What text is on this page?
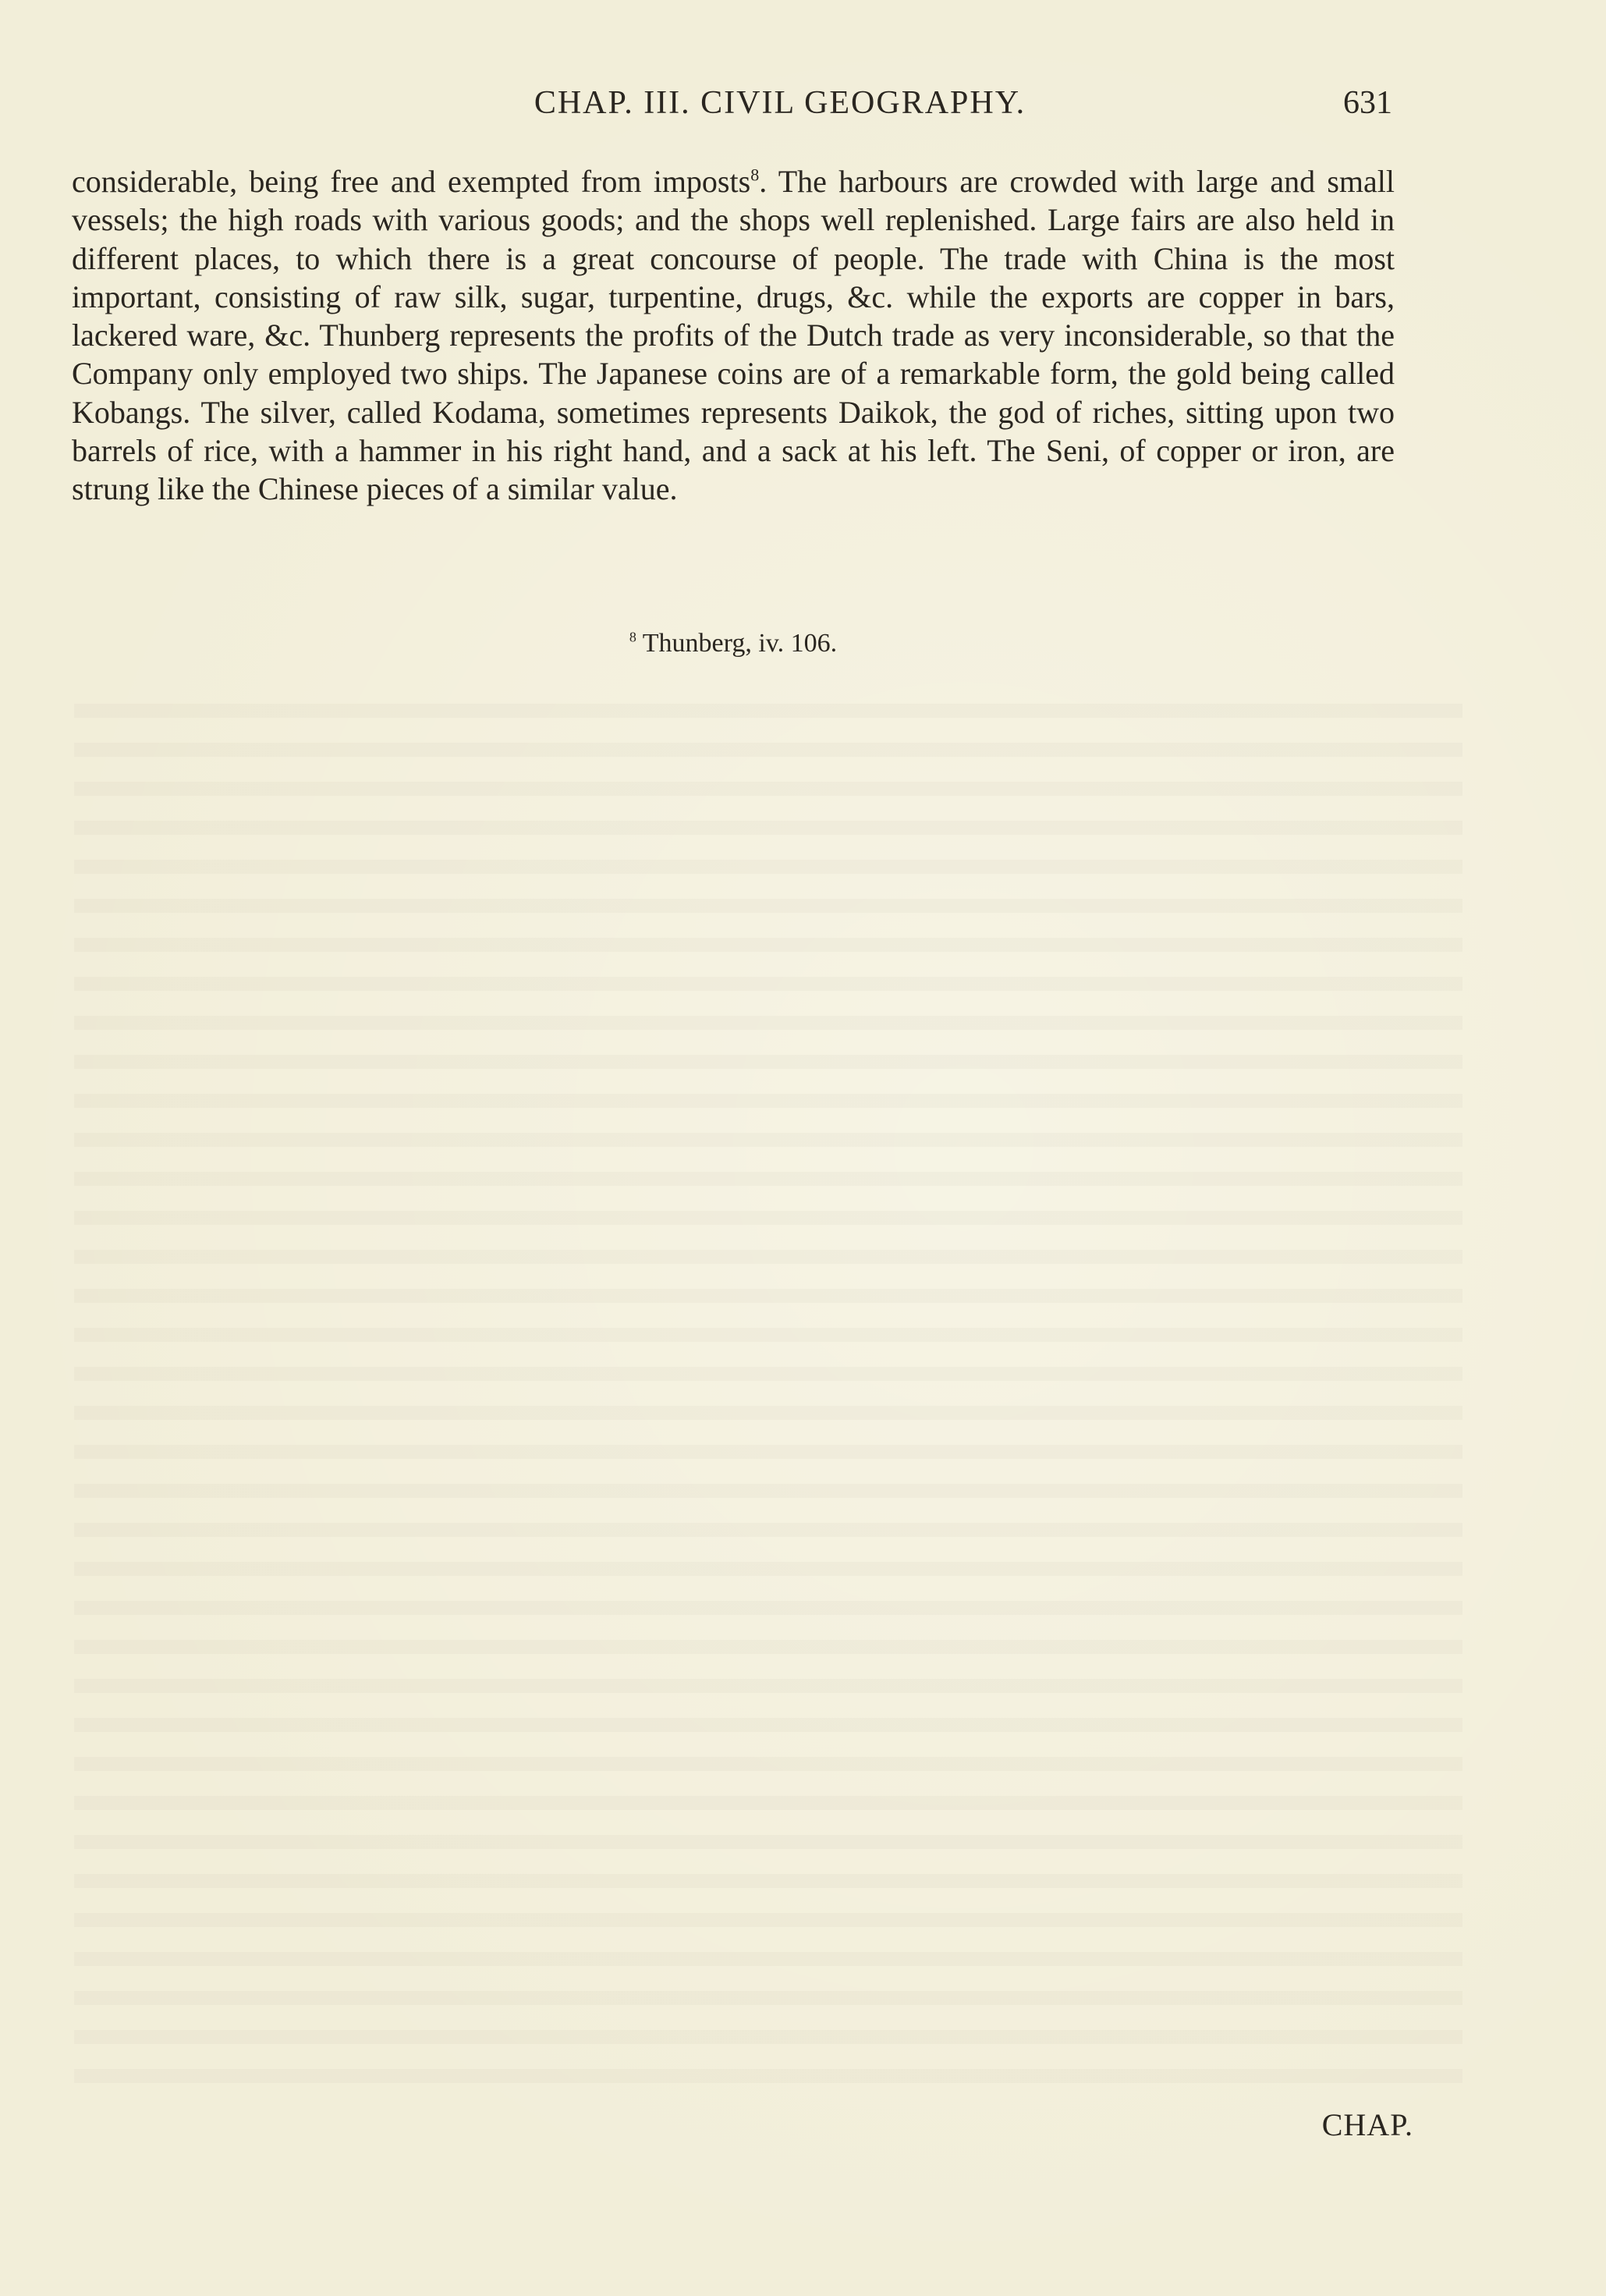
CHAP. III. CIVIL GEOGRAPHY.	631

considerable, being free and exempted from imposts$^8$. The harbours are crowded with large and small vessels; the high roads with various goods; and the shops well replenished. Large fairs are also held in different places, to which there is a great concourse of people. The trade with China is the most important, consisting of raw silk, sugar, turpentine, drugs, &c. while the exports are copper in bars, lackered ware, &c. Thunberg represents the profits of the Dutch trade as very inconsiderable, so that the Company only employed two ships. The Japanese coins are of a remarkable form, the gold being called Kobangs. The silver, called Kodama, sometimes represents Daikok, the god of riches, sitting upon two barrels of rice, with a hammer in his right hand, and a sack at his left. The Seni, of copper or iron, are strung like the Chinese pieces of a similar value.

$^8$ Thunberg, iv. 106.
CHAP.
